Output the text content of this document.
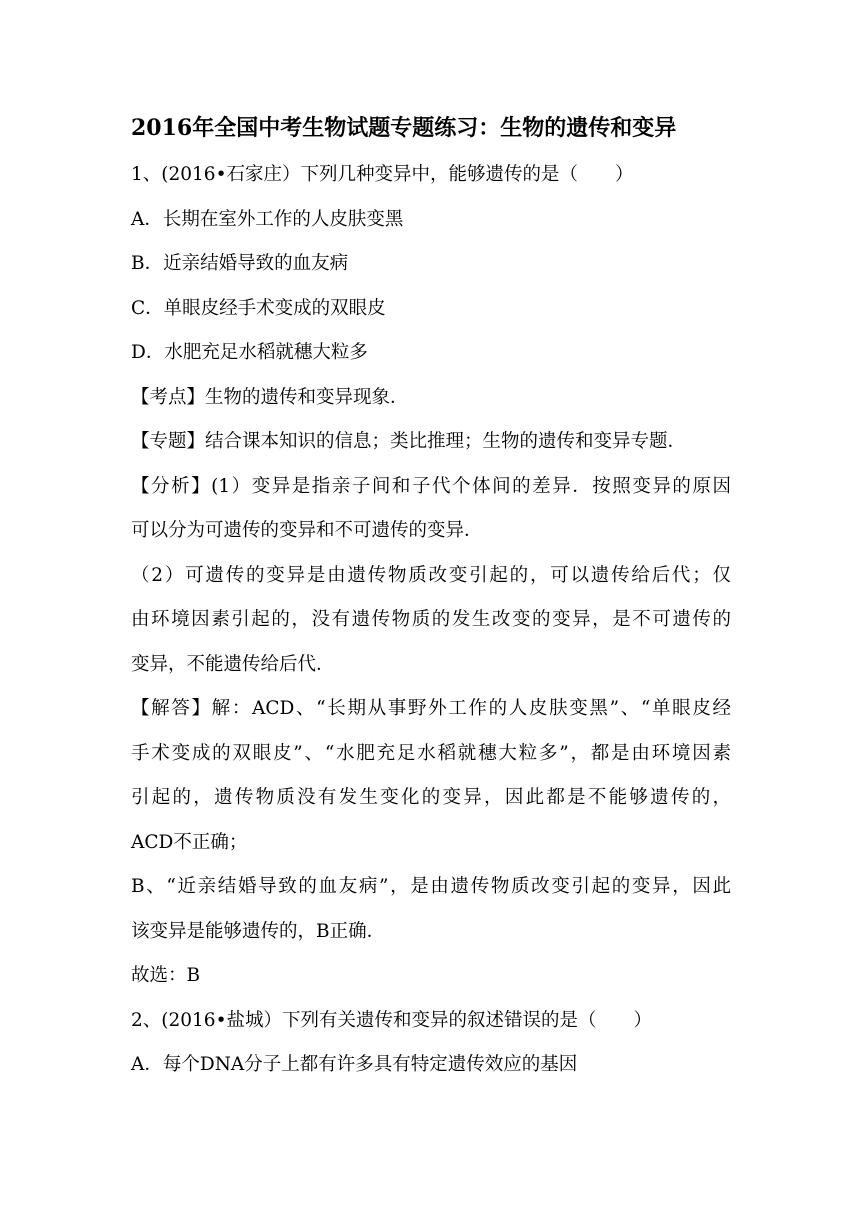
2016年全国中考生物试题专题练习：生物的遗传和变异
1、(2016•石家庄）下列几种变异中，能够遗传的是（　　）
A．长期在室外工作的人皮肤变黑
B．近亲结婚导致的血友病
C．单眼皮经手术变成的双眼皮
D．水肥充足水稻就穗大粒多
【考点】生物的遗传和变异现象．
【专题】结合课本知识的信息；类比推理；生物的遗传和变异专题．
【分析】(1）变异是指亲子间和子代个体间的差异．按照变异的原因
可以分为可遗传的变异和不可遗传的变异．
（2）可遗传的变异是由遗传物质改变引起的，可以遗传给后代；仅
由环境因素引起的，没有遗传物质的发生改变的变异，是不可遗传的
变异，不能遗传给后代．
【解答】解：ACD、“长期从事野外工作的人皮肤变黑”、“单眼皮经
手术变成的双眼皮”、“水肥充足水稻就穗大粒多”，都是由环境因素
引起的，遗传物质没有发生变化的变异，因此都是不能够遗传的，
ACD不正确；
B、“近亲结婚导致的血友病”，是由遗传物质改变引起的变异，因此
该变异是能够遗传的，B正确．
故选：B
2、(2016•盐城）下列有关遗传和变异的叙述错误的是（　　）
A．每个DNA分子上都有许多具有特定遗传效应的基因
